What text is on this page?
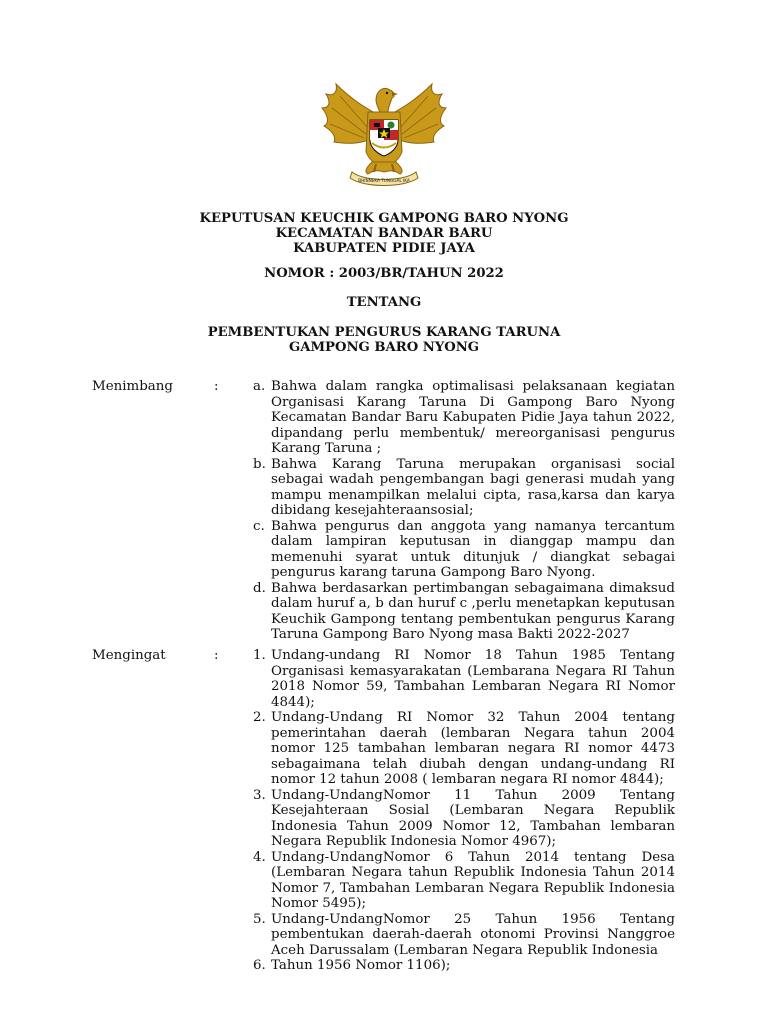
BHINNEKA TUNGGAL IKA
KEPUTUSAN KEUCHIK GAMPONG BARO NYONG
KECAMATAN BANDAR BARU
KABUPATEN PIDIE JAYA
NOMOR : 2003/BR/TAHUN 2022
TENTANG
PEMBENTUKAN PENGURUS KARANG TARUNA
GAMPONG BARO NYONG
Menimbang	:	a. Bahwa dalam rangka optimalisasi pelaksanaan kegiatan Organisasi Karang Taruna Di Gampong Baro Nyong Kecamatan Bandar Baru Kabupaten Pidie Jaya tahun 2022, dipandang perlu membentuk/ mereorganisasi pengurus Karang Taruna ;
b. Bahwa Karang Taruna merupakan organisasi social sebagai wadah pengembangan bagi generasi mudah yang mampu menampilkan melalui cipta, rasa,karsa dan karya dibidang kesejahteraansosial;
c. Bahwa pengurus dan anggota yang namanya tercantum dalam lampiran keputusan in dianggap mampu dan memenuhi syarat untuk ditunjuk / diangkat sebagai pengurus karang taruna Gampong Baro Nyong.
d. Bahwa berdasarkan pertimbangan sebagaimana dimaksud dalam huruf a, b dan huruf c ,perlu menetapkan keputusan Keuchik Gampong tentang pembentukan pengurus Karang Taruna Gampong Baro Nyong masa Bakti 2022-2027
Mengingat	:	1. Undang-undang RI Nomor 18 Tahun 1985 Tentang Organisasi kemasyarakatan (Lembarana Negara RI Tahun 2018 Nomor 59, Tambahan Lembaran Negara RI Nomor 4844);
2. Undang-Undang RI Nomor 32 Tahun 2004 tentang pemerintahan daerah (lembaran Negara tahun 2004 nomor 125 tambahan lembaran negara RI nomor 4473 sebagaimana telah diubah dengan undang-undang RI nomor 12 tahun 2008 ( lembaran negara RI nomor 4844);
3. Undang-UndangNomor 11 Tahun 2009 Tentang Kesejahteraan Sosial (Lembaran Negara Republik Indonesia Tahun 2009 Nomor 12, Tambahan lembaran Negara Republik Indonesia Nomor 4967);
4. Undang-UndangNomor 6 Tahun 2014 tentang Desa (Lembaran Negara tahun Republik Indonesia Tahun 2014 Nomor 7, Tambahan Lembaran Negara Republik Indonesia Nomor 5495);
5. Undang-UndangNomor 25 Tahun 1956 Tentang pembentukan daerah-daerah otonomi Provinsi Nanggroe Aceh Darussalam (Lembaran Negara Republik Indonesia
6. Tahun 1956 Nomor 1106);
